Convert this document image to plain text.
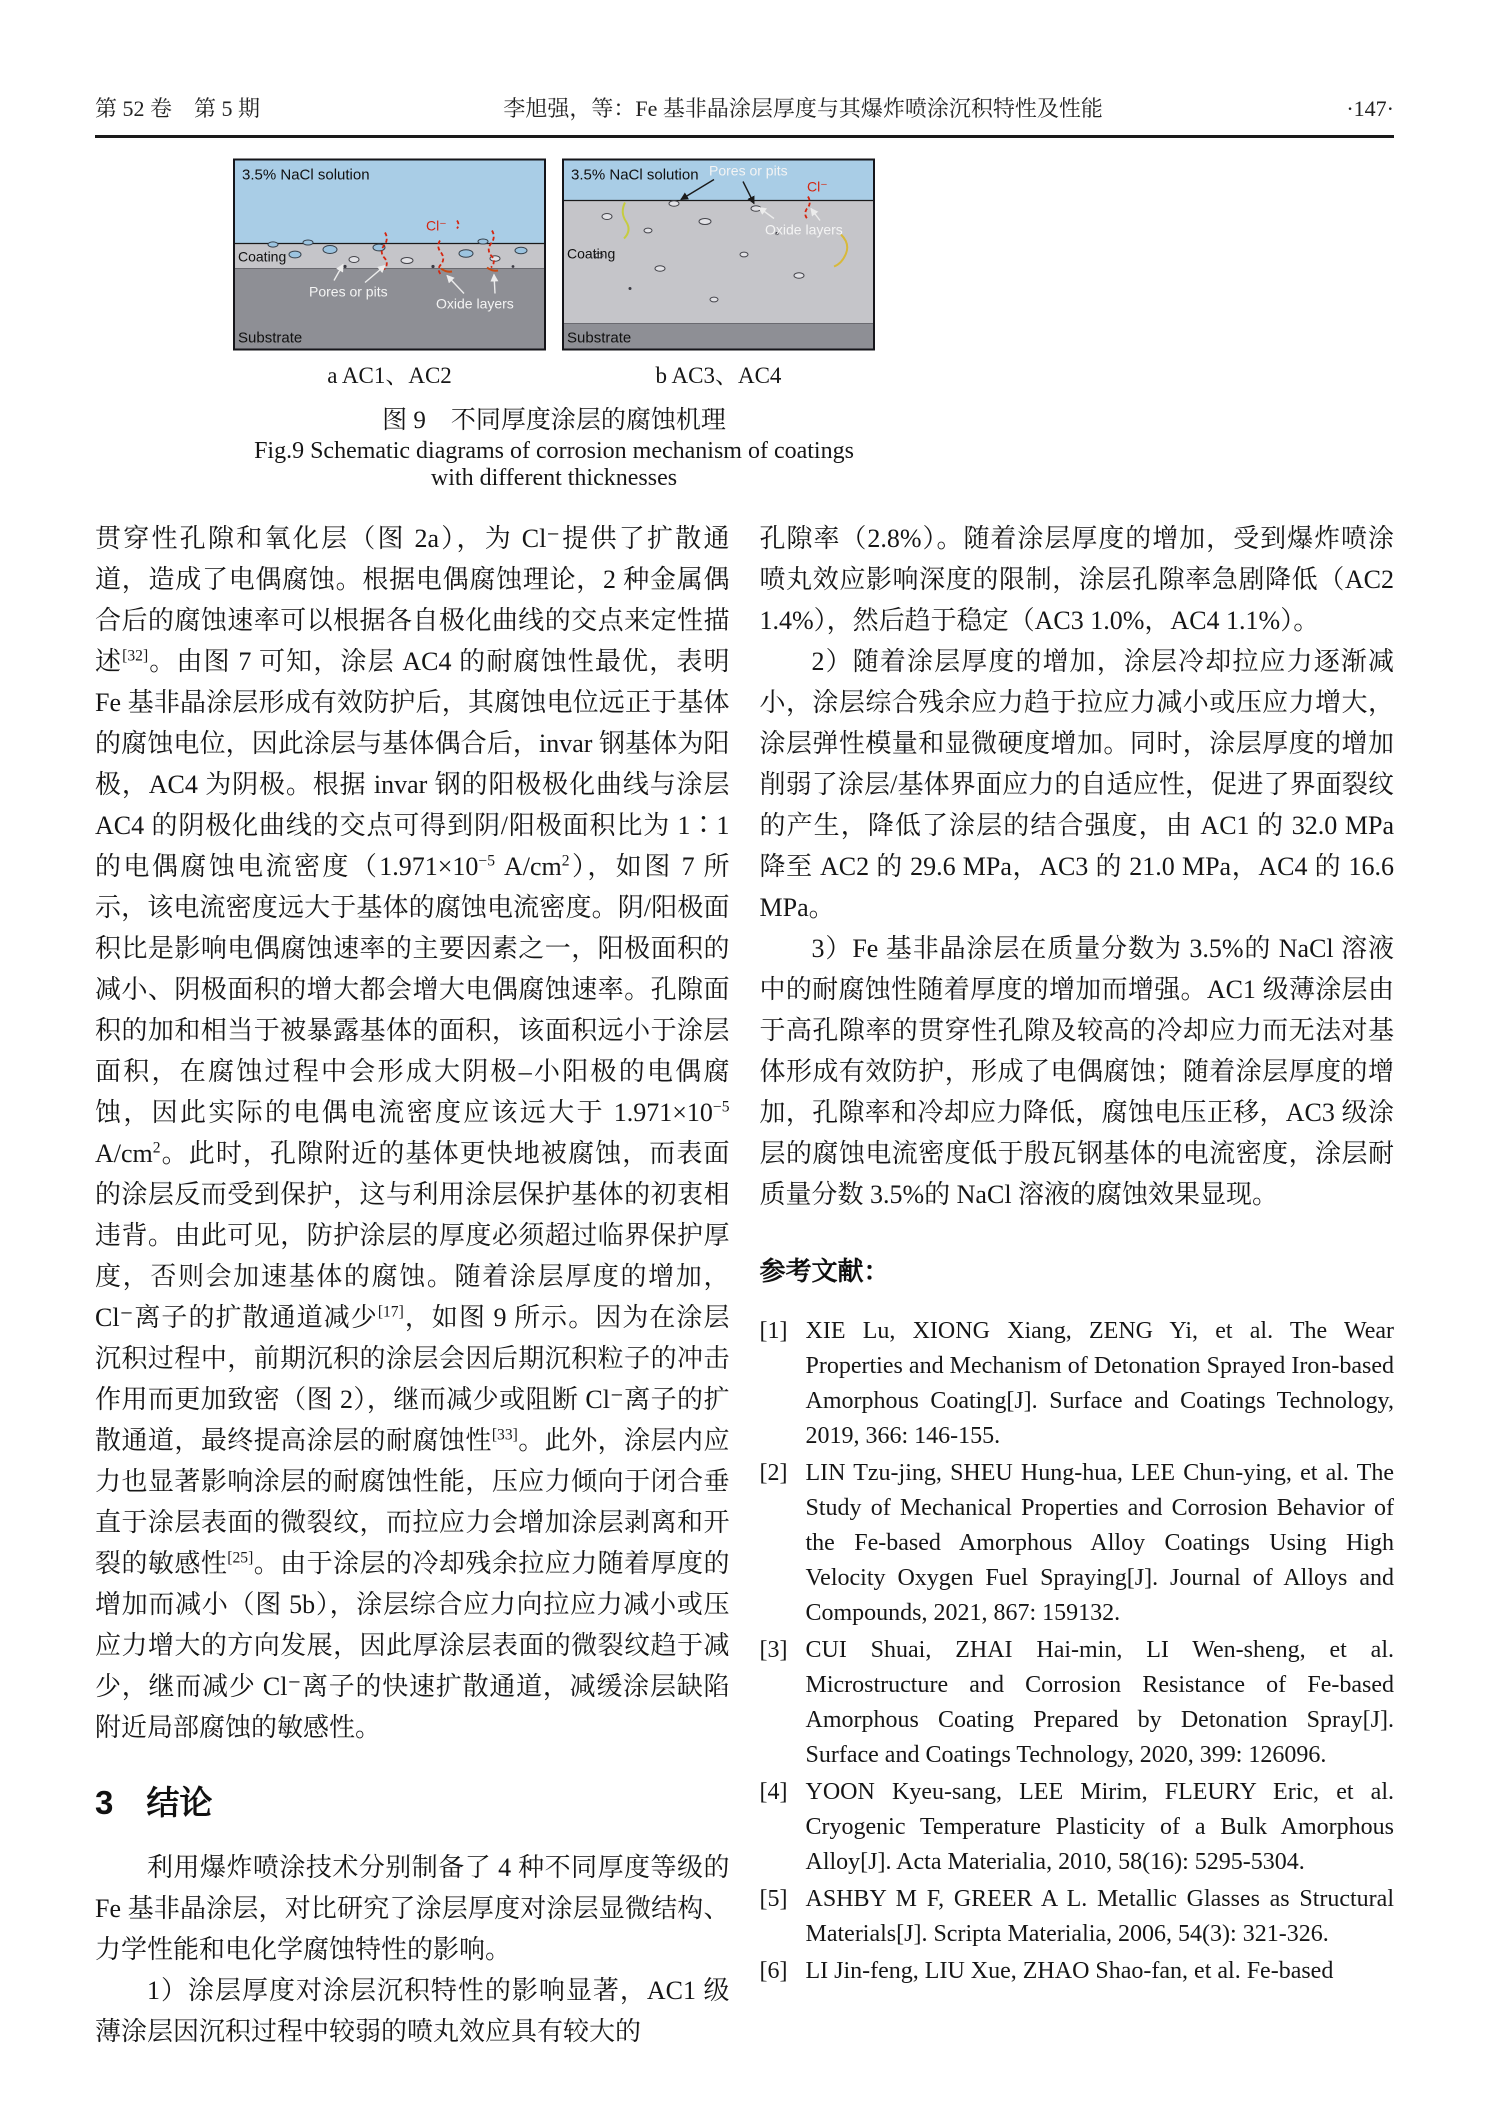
第 52 卷　第 5 期	李旭强，等：Fe 基非晶涂层厚度与其爆炸喷涂沉积特性及性能	·147·
3.5% NaCl solution
Cl⁻
Coating
Pores or pits
Oxide layers
Substrate
a AC1、AC2
3.5% NaCl solution Pores or pits
Cl⁻
Oxide layers
Coating
Substrate
b AC3、AC4
图 9　不同厚度涂层的腐蚀机理
Fig.9 Schematic diagrams of corrosion mechanism of coatings with different thicknesses

贯穿性孔隙和氧化层（图 2a），为 Cl⁻提供了扩散通道，造成了电偶腐蚀。根据电偶腐蚀理论，2 种金属偶合后的腐蚀速率可以根据各自极化曲线的交点来定性描述[32]。由图 7 可知，涂层 AC4 的耐腐蚀性最优，表明 Fe 基非晶涂层形成有效防护后，其腐蚀电位远正于基体的腐蚀电位，因此涂层与基体偶合后，invar 钢基体为阳极，AC4 为阴极。根据 invar 钢的阳极极化曲线与涂层 AC4 的阴极化曲线的交点可得到阴/阳极面积比为 1∶1 的电偶腐蚀电流密度（$1.971\times 10^{-5}$ $A/cm^2$），如图 7 所示，该电流密度远大于基体的腐蚀电流密度。阴/阳极面积比是影响电偶腐蚀速率的主要因素之一，阳极面积的减小、阴极面积的增大都会增大电偶腐蚀速率。孔隙面积的加和相当于被暴露基体的面积，该面积远小于涂层面积，在腐蚀过程中会形成大阴极–小阳极的电偶腐蚀，因此实际的电偶电流密度应该远大于 $1.971\times 10^{-5}$ $A/cm^2$。此时，孔隙附近的基体更快地被腐蚀，而表面的涂层反而受到保护，这与利用涂层保护基体的初衷相违背。由此可见，防护涂层的厚度必须超过临界保护厚度，否则会加速基体的腐蚀。随着涂层厚度的增加，Cl⁻离子的扩散通道减少[17]，如图 9 所示。因为在涂层沉积过程中，前期沉积的涂层会因后期沉积粒子的冲击作用而更加致密（图 2），继而减少或阻断 Cl⁻离子的扩散通道，最终提高涂层的耐腐蚀性[33]。此外，涂层内应力也显著影响涂层的耐腐蚀性能，压应力倾向于闭合垂直于涂层表面的微裂纹，而拉应力会增加涂层剥离和开裂的敏感性[25]。由于涂层的冷却残余拉应力随着厚度的增加而减小（图 5b），涂层综合应力向拉应力减小或压应力增大的方向发展，因此厚涂层表面的微裂纹趋于减少，继而减少 Cl⁻离子的快速扩散通道，减缓涂层缺陷附近局部腐蚀的敏感性。

3　结论

利用爆炸喷涂技术分别制备了 4 种不同厚度等级的 Fe 基非晶涂层，对比研究了涂层厚度对涂层显微结构、力学性能和电化学腐蚀特性的影响。

1）涂层厚度对涂层沉积特性的影响显著，AC1 级薄涂层因沉积过程中较弱的喷丸效应具有较大的

孔隙率（2.8%）。随着涂层厚度的增加，受到爆炸喷涂喷丸效应影响深度的限制，涂层孔隙率急剧降低（AC2 1.4%），然后趋于稳定（AC3 1.0%，AC4 1.1%）。

2）随着涂层厚度的增加，涂层冷却拉应力逐渐减小，涂层综合残余应力趋于拉应力减小或压应力增大，涂层弹性模量和显微硬度增加。同时，涂层厚度的增加削弱了涂层/基体界面应力的自适应性，促进了界面裂纹的产生，降低了涂层的结合强度，由 AC1 的 32.0 MPa 降至 AC2 的 29.6 MPa，AC3 的 21.0 MPa，AC4 的 16.6 MPa。

3）Fe 基非晶涂层在质量分数为 3.5%的 NaCl 溶液中的耐腐蚀性随着厚度的增加而增强。AC1 级薄涂层由于高孔隙率的贯穿性孔隙及较高的冷却应力而无法对基体形成有效防护，形成了电偶腐蚀；随着涂层厚度的增加，孔隙率和冷却应力降低，腐蚀电压正移，AC3 级涂层的腐蚀电流密度低于殷瓦钢基体的电流密度，涂层耐质量分数 3.5%的 NaCl 溶液的腐蚀效果显现。

参考文献：
[1] XIE Lu, XIONG Xiang, ZENG Yi, et al. The Wear Properties and Mechanism of Detonation Sprayed Iron-based Amorphous Coating[J]. Surface and Coatings Technology, 2019, 366: 146-155.
[2] LIN Tzu-jing, SHEU Hung-hua, LEE Chun-ying, et al. The Study of Mechanical Properties and Corrosion Behavior of the Fe-based Amorphous Alloy Coatings Using High Velocity Oxygen Fuel Spraying[J]. Journal of Alloys and Compounds, 2021, 867: 159132.
[3] CUI Shuai, ZHAI Hai-min, LI Wen-sheng, et al. Microstructure and Corrosion Resistance of Fe-based Amorphous Coating Prepared by Detonation Spray[J]. Surface and Coatings Technology, 2020, 399: 126096.
[4] YOON Kyeu-sang, LEE Mirim, FLEURY Eric, et al. Cryogenic Temperature Plasticity of a Bulk Amorphous Alloy[J]. Acta Materialia, 2010, 58(16): 5295-5304.
[5] ASHBY M F, GREER A L. Metallic Glasses as Structural Materials[J]. Scripta Materialia, 2006, 54(3): 321-326.
[6] LI Jin-feng, LIU Xue, ZHAO Shao-fan, et al. Fe-based
